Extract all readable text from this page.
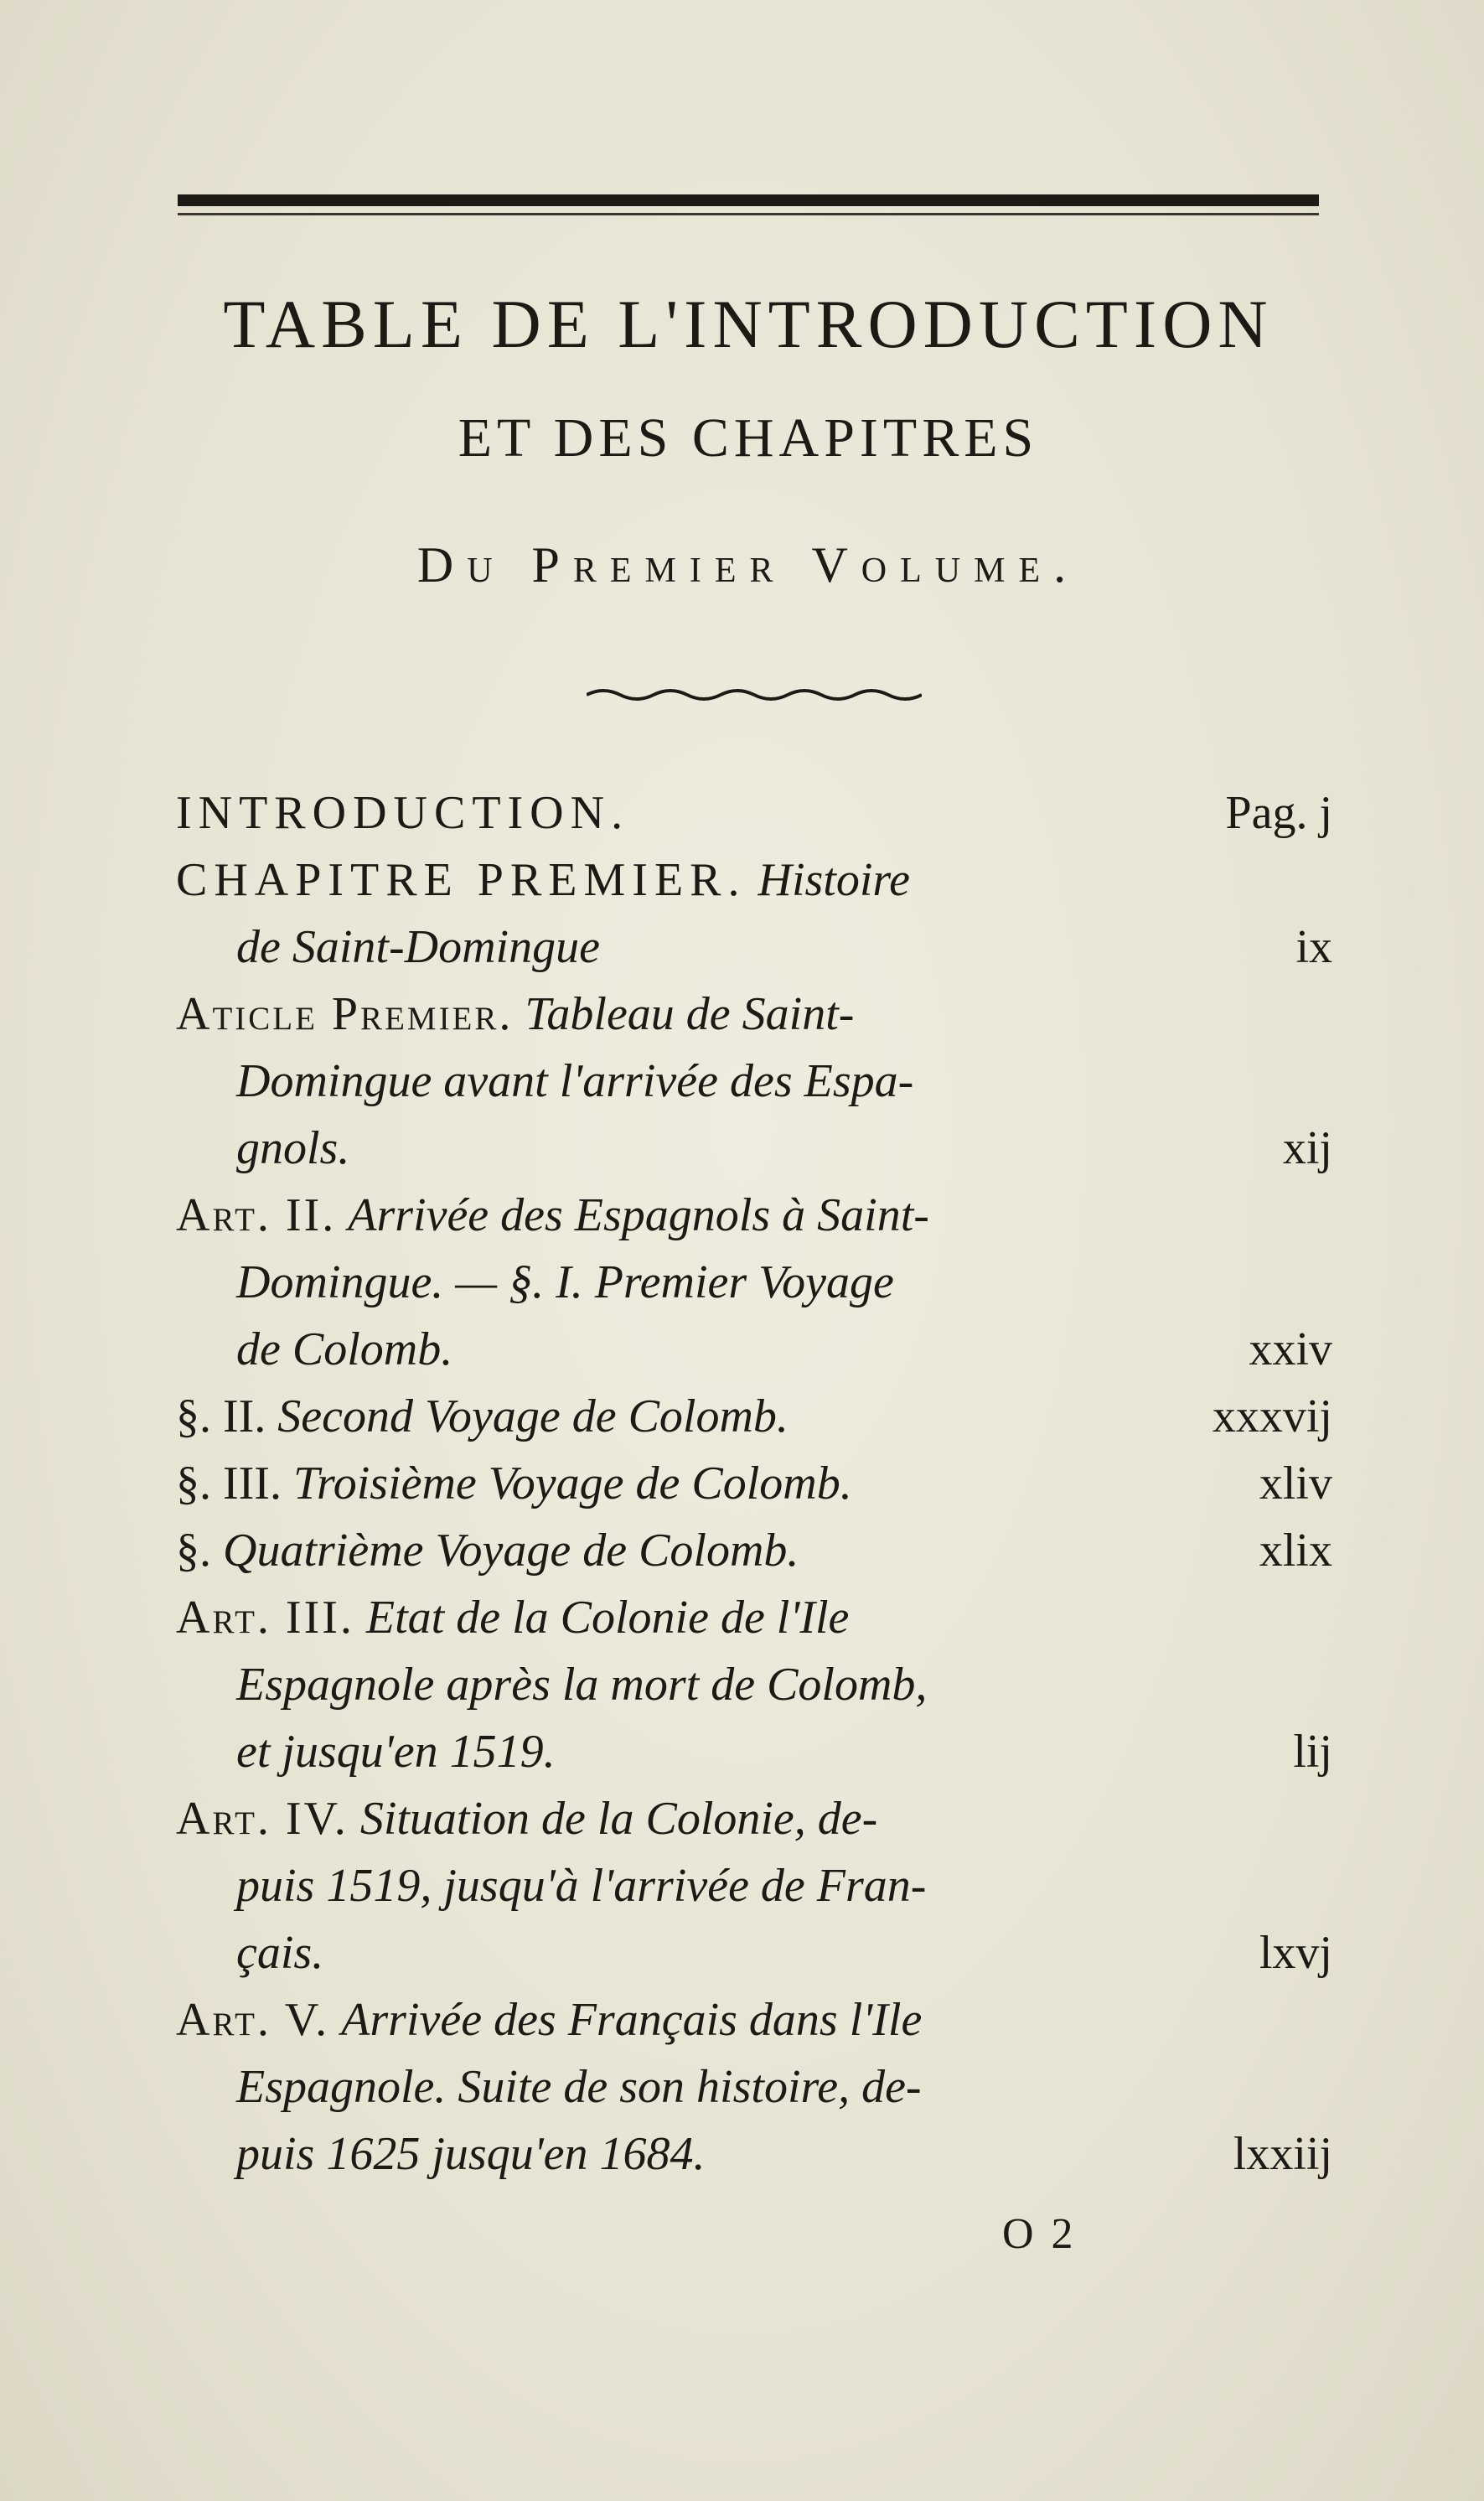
TABLE DE L'INTRODUCTION
ET DES CHAPITRES
Du Premier Volume.
INTRODUCTION.	Pag. j
CHAPITRE PREMIER. Histoire
de Saint-Domingue	ix
Aticle Premier. Tableau de Saint-
Domingue avant l'arrivée des Espa-
gnols.	xij
Art. II. Arrivée des Espagnols à Saint-
Domingue. — §. I. Premier Voyage
de Colomb.	xxiv
§. II. Second Voyage de Colomb.	xxxvij
§. III. Troisième Voyage de Colomb.	xliv
§. Quatrième Voyage de Colomb.	xlix
Art. III. Etat de la Colonie de l'Ile
Espagnole après la mort de Colomb,
et jusqu'en 1519.	lij
Art. IV. Situation de la Colonie, de-
puis 1519, jusqu'à l'arrivée de Fran-
çais.	lxvj
Art. V. Arrivée des Français dans l'Ile
Espagnole. Suite de son histoire, de-
puis 1625 jusqu'en 1684.	lxxiij
O 2
